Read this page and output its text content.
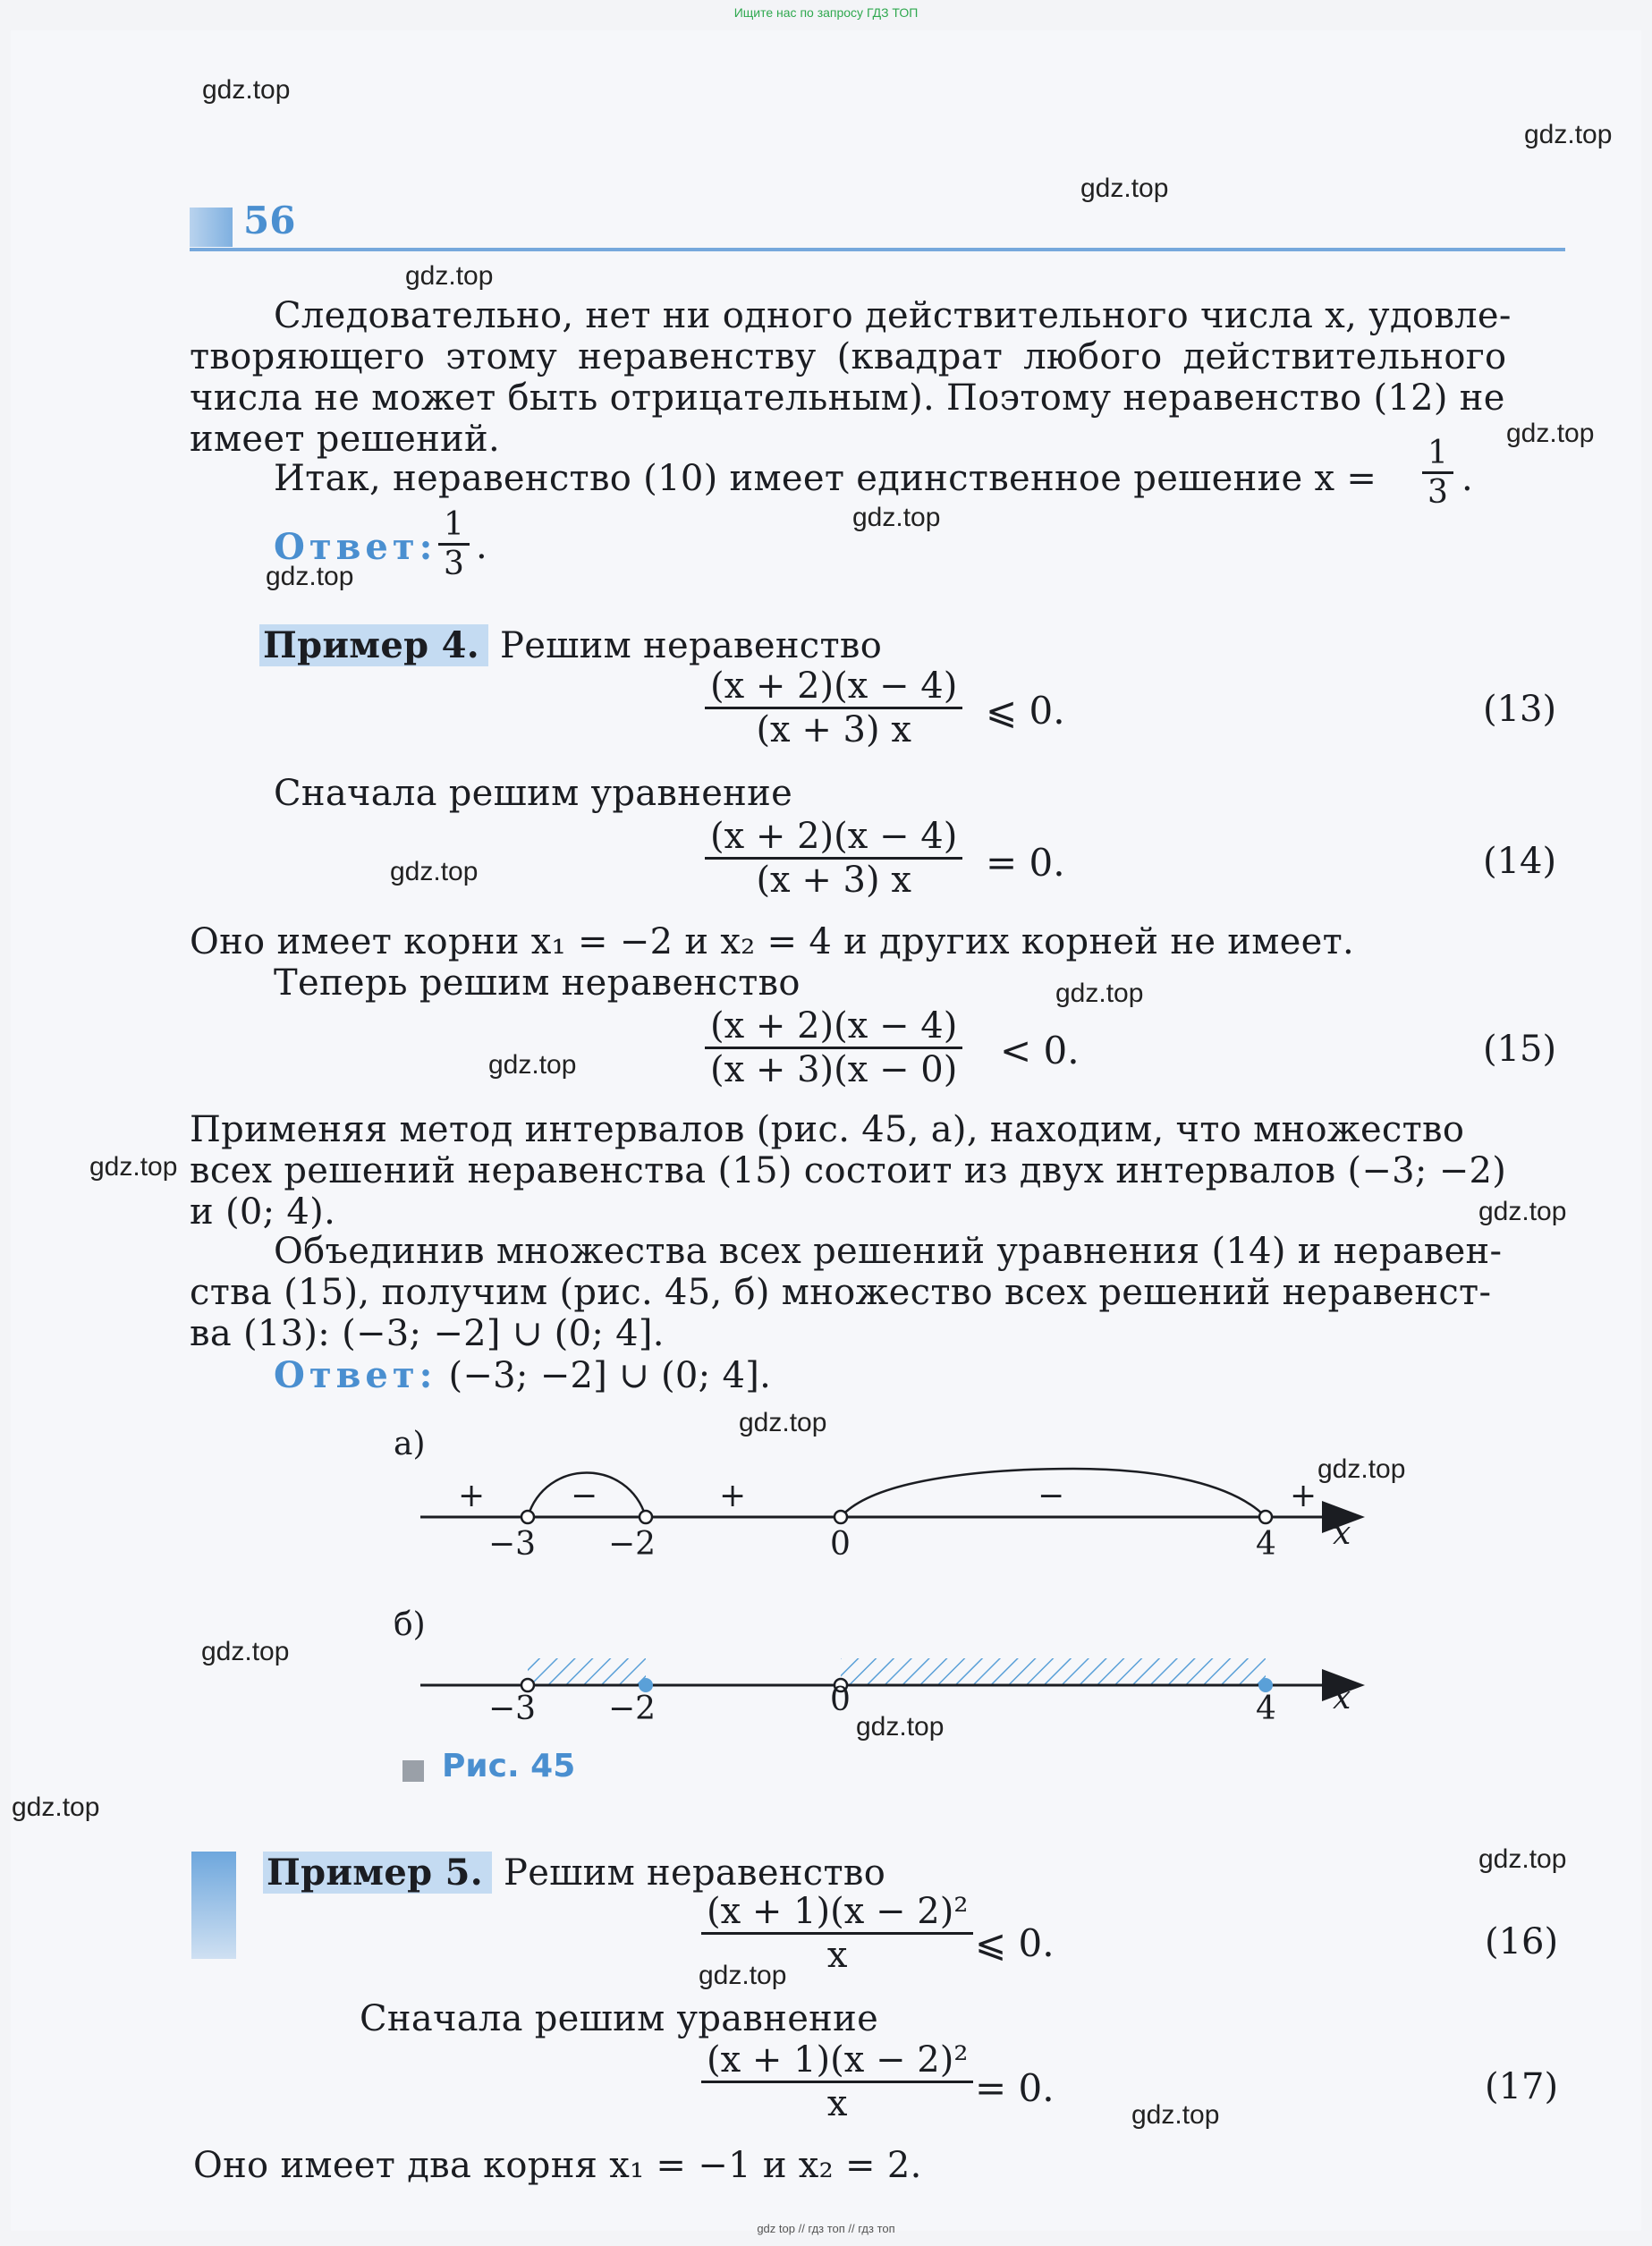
Ищите нас по запросу ГДЗ ТОП
gdz top // гдз топ // гдз топ
gdz.top
gdz.top
gdz.top
gdz.top
gdz.top
gdz.top
gdz.top
gdz.top
gdz.top
gdz.top
gdz.top
gdz.top
gdz.top
gdz.top
gdz.top
gdz.top
gdz.top
gdz.top
gdz.top
gdz.top
56
Следовательно, нет ни одного действительного числа x, удовле-
творяющего этому неравенству (квадрат любого действительного
числа не может быть отрицательным). Поэтому неравенство (12) не
имеет решений.
Итак, неравенство (10) имеет единственное решение $x = \frac{1}{3}$ .
Ответ: $\frac{1}{3}$ .
Пример 4. Решим неравенство
$\frac{(x + 2)(x - 4)}{(x + 3) x}$ ⩽ 0.	(13)
Сначала решим уравнение
$\frac{(x + 2)(x - 4)}{(x + 3) x} = 0$.	(14)
Оно имеет корни x₁ = −2 и x₂ = 4 и других корней не имеет.
Теперь решим неравенство
$\frac{(x + 2)(x - 4)}{(x + 3)(x - 0)} < 0$.	(15)
Применяя метод интервалов (рис. 45, а), находим, что множество
всех решений неравенства (15) состоит из двух интервалов (−3; −2)
и (0; 4).
Объединив множества всех решений уравнения (14) и нерaвен-
ства (15), получим (рис. 45, б) множество всех решений неравенст-
ва (13): (−3; −2] ∪ (0; 4].
Ответ: (−3; −2] ∪ (0; 4].
а)
б)
+	−	+	−	+
−3 −2	0	4 x
−3 −2	0	4 x
Рис. 45
Пример 5. Решим неравенство
$\frac{\text{(x + 1)(x − 2)²}}{x}$ ⩽ 0.	(16)
Сначала решим уравнение
$\frac{\text{(x + 1)(x − 2)²}}{x} = 0$.	(17)
Оно имеет два корня x₁ = −1 и x₂ = 2.
